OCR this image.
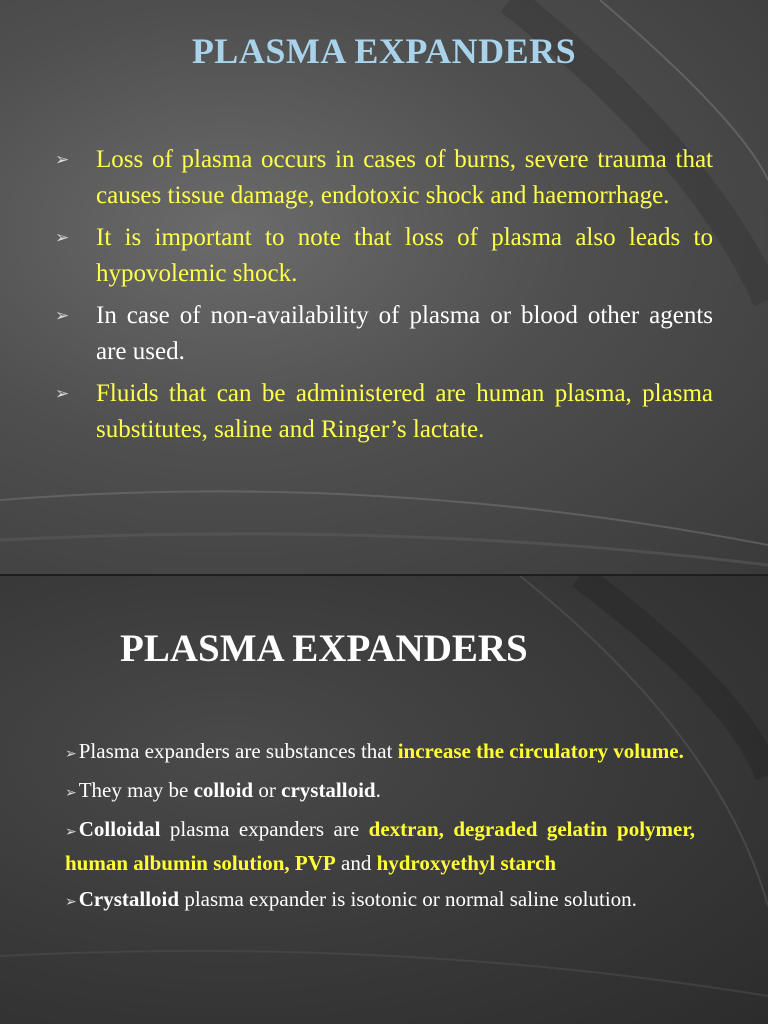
PLASMA EXPANDERS
➢ Loss of plasma occurs in cases of burns, severe trauma that causes tissue damage, endotoxic shock and haemorrhage.
➢ It is important to note that loss of plasma also leads to hypovolemic shock.
➢ In case of non-availability of plasma or blood other agents are used.
➢ Fluids that can be administered are human plasma, plasma substitutes, saline and Ringer’s lactate.
PLASMA EXPANDERS
➢Plasma expanders are substances that increase the circulatory volume.
➢They may be colloid or crystalloid.
➢Colloidal plasma expanders are dextran, degraded gelatin polymer, human albumin solution, PVP and hydroxyethyl starch
➢Crystalloid plasma expander is isotonic or normal saline solution.
